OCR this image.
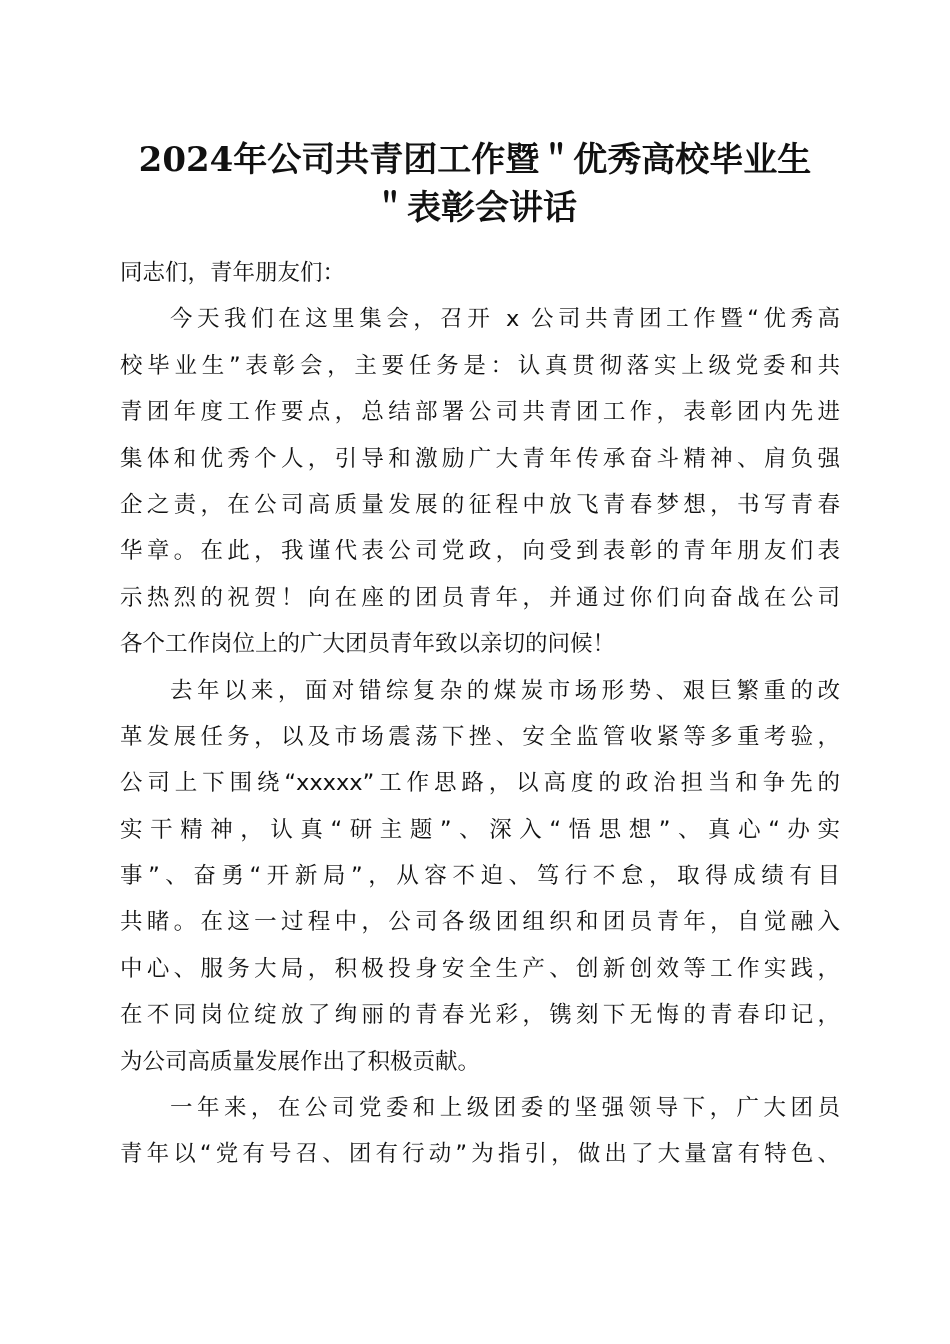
2024年公司共青团工作暨＂优秀高校毕业生
＂表彰会讲话
同志们，青年朋友们：
今天我们在这里集会，召开 x 公司共青团工作暨“优秀高
校毕业生”表彰会，主要任务是：认真贯彻落实上级党委和共
青团年度工作要点，总结部署公司共青团工作，表彰团内先进
集体和优秀个人，引导和激励广大青年传承奋斗精神、肩负强
企之责，在公司高质量发展的征程中放飞青春梦想，书写青春
华章。在此，我谨代表公司党政，向受到表彰的青年朋友们表
示热烈的祝贺！向在座的团员青年，并通过你们向奋战在公司
各个工作岗位上的广大团员青年致以亲切的问候！
去年以来，面对错综复杂的煤炭市场形势、艰巨繁重的改
革发展任务，以及市场震荡下挫、安全监管收紧等多重考验，
公司上下围绕“xxxxx”工作思路，以高度的政治担当和争先的
实干精神，认真“研主题”、深入“悟思想”、真心“办实
事”、奋勇“开新局”，从容不迫、笃行不怠，取得成绩有目
共睹。在这一过程中，公司各级团组织和团员青年，自觉融入
中心、服务大局，积极投身安全生产、创新创效等工作实践，
在不同岗位绽放了绚丽的青春光彩，镌刻下无悔的青春印记，
为公司高质量发展作出了积极贡献。
一年来，在公司党委和上级团委的坚强领导下，广大团员
青年以“党有号召、团有行动”为指引，做出了大量富有特色、
